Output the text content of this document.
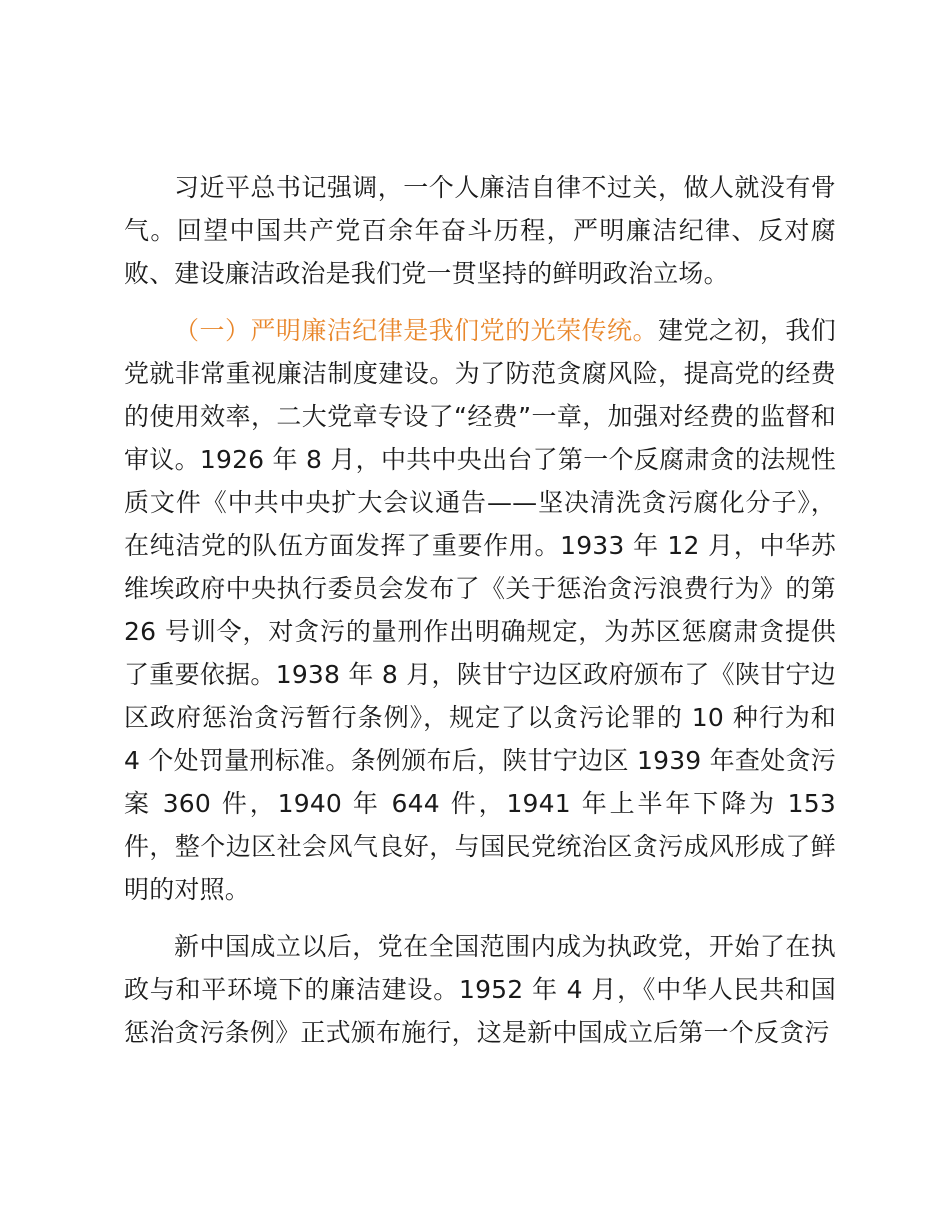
习近平总书记强调，一个人廉洁自律不过关，做人就没有骨气。回望中国共产党百余年奋斗历程，严明廉洁纪律、反对腐败、建设廉洁政治是我们党一贯坚持的鲜明政治立场。

（一）严明廉洁纪律是我们党的光荣传统。建党之初，我们党就非常重视廉洁制度建设。为了防范贪腐风险，提高党的经费的使用效率，二大党章专设了“经费”一章，加强对经费的监督和审议。1926 年 8 月，中共中央出台了第一个反腐肃贪的法规性质文件《中共中央扩大会议通告——坚决清洗贪污腐化分子》，在纯洁党的队伍方面发挥了重要作用。1933 年 12 月，中华苏维埃政府中央执行委员会发布了《关于惩治贪污浪费行为》的第 26 号训令，对贪污的量刑作出明确规定，为苏区惩腐肃贪提供了重要依据。1938 年 8 月，陕甘宁边区政府颁布了《陕甘宁边区政府惩治贪污暂行条例》，规定了以贪污论罪的 10 种行为和 4 个处罚量刑标准。条例颁布后，陕甘宁边区 1939 年查处贪污案 360 件，1940 年 644 件，1941 年上半年下降为 153 件，整个边区社会风气良好，与国民党统治区贪污成风形成了鲜明的对照。

新中国成立以后，党在全国范围内成为执政党，开始了在执政与和平环境下的廉洁建设。1952 年 4 月，《中华人民共和国惩治贪污条例》正式颁布施行，这是新中国成立后第一个反贪污
